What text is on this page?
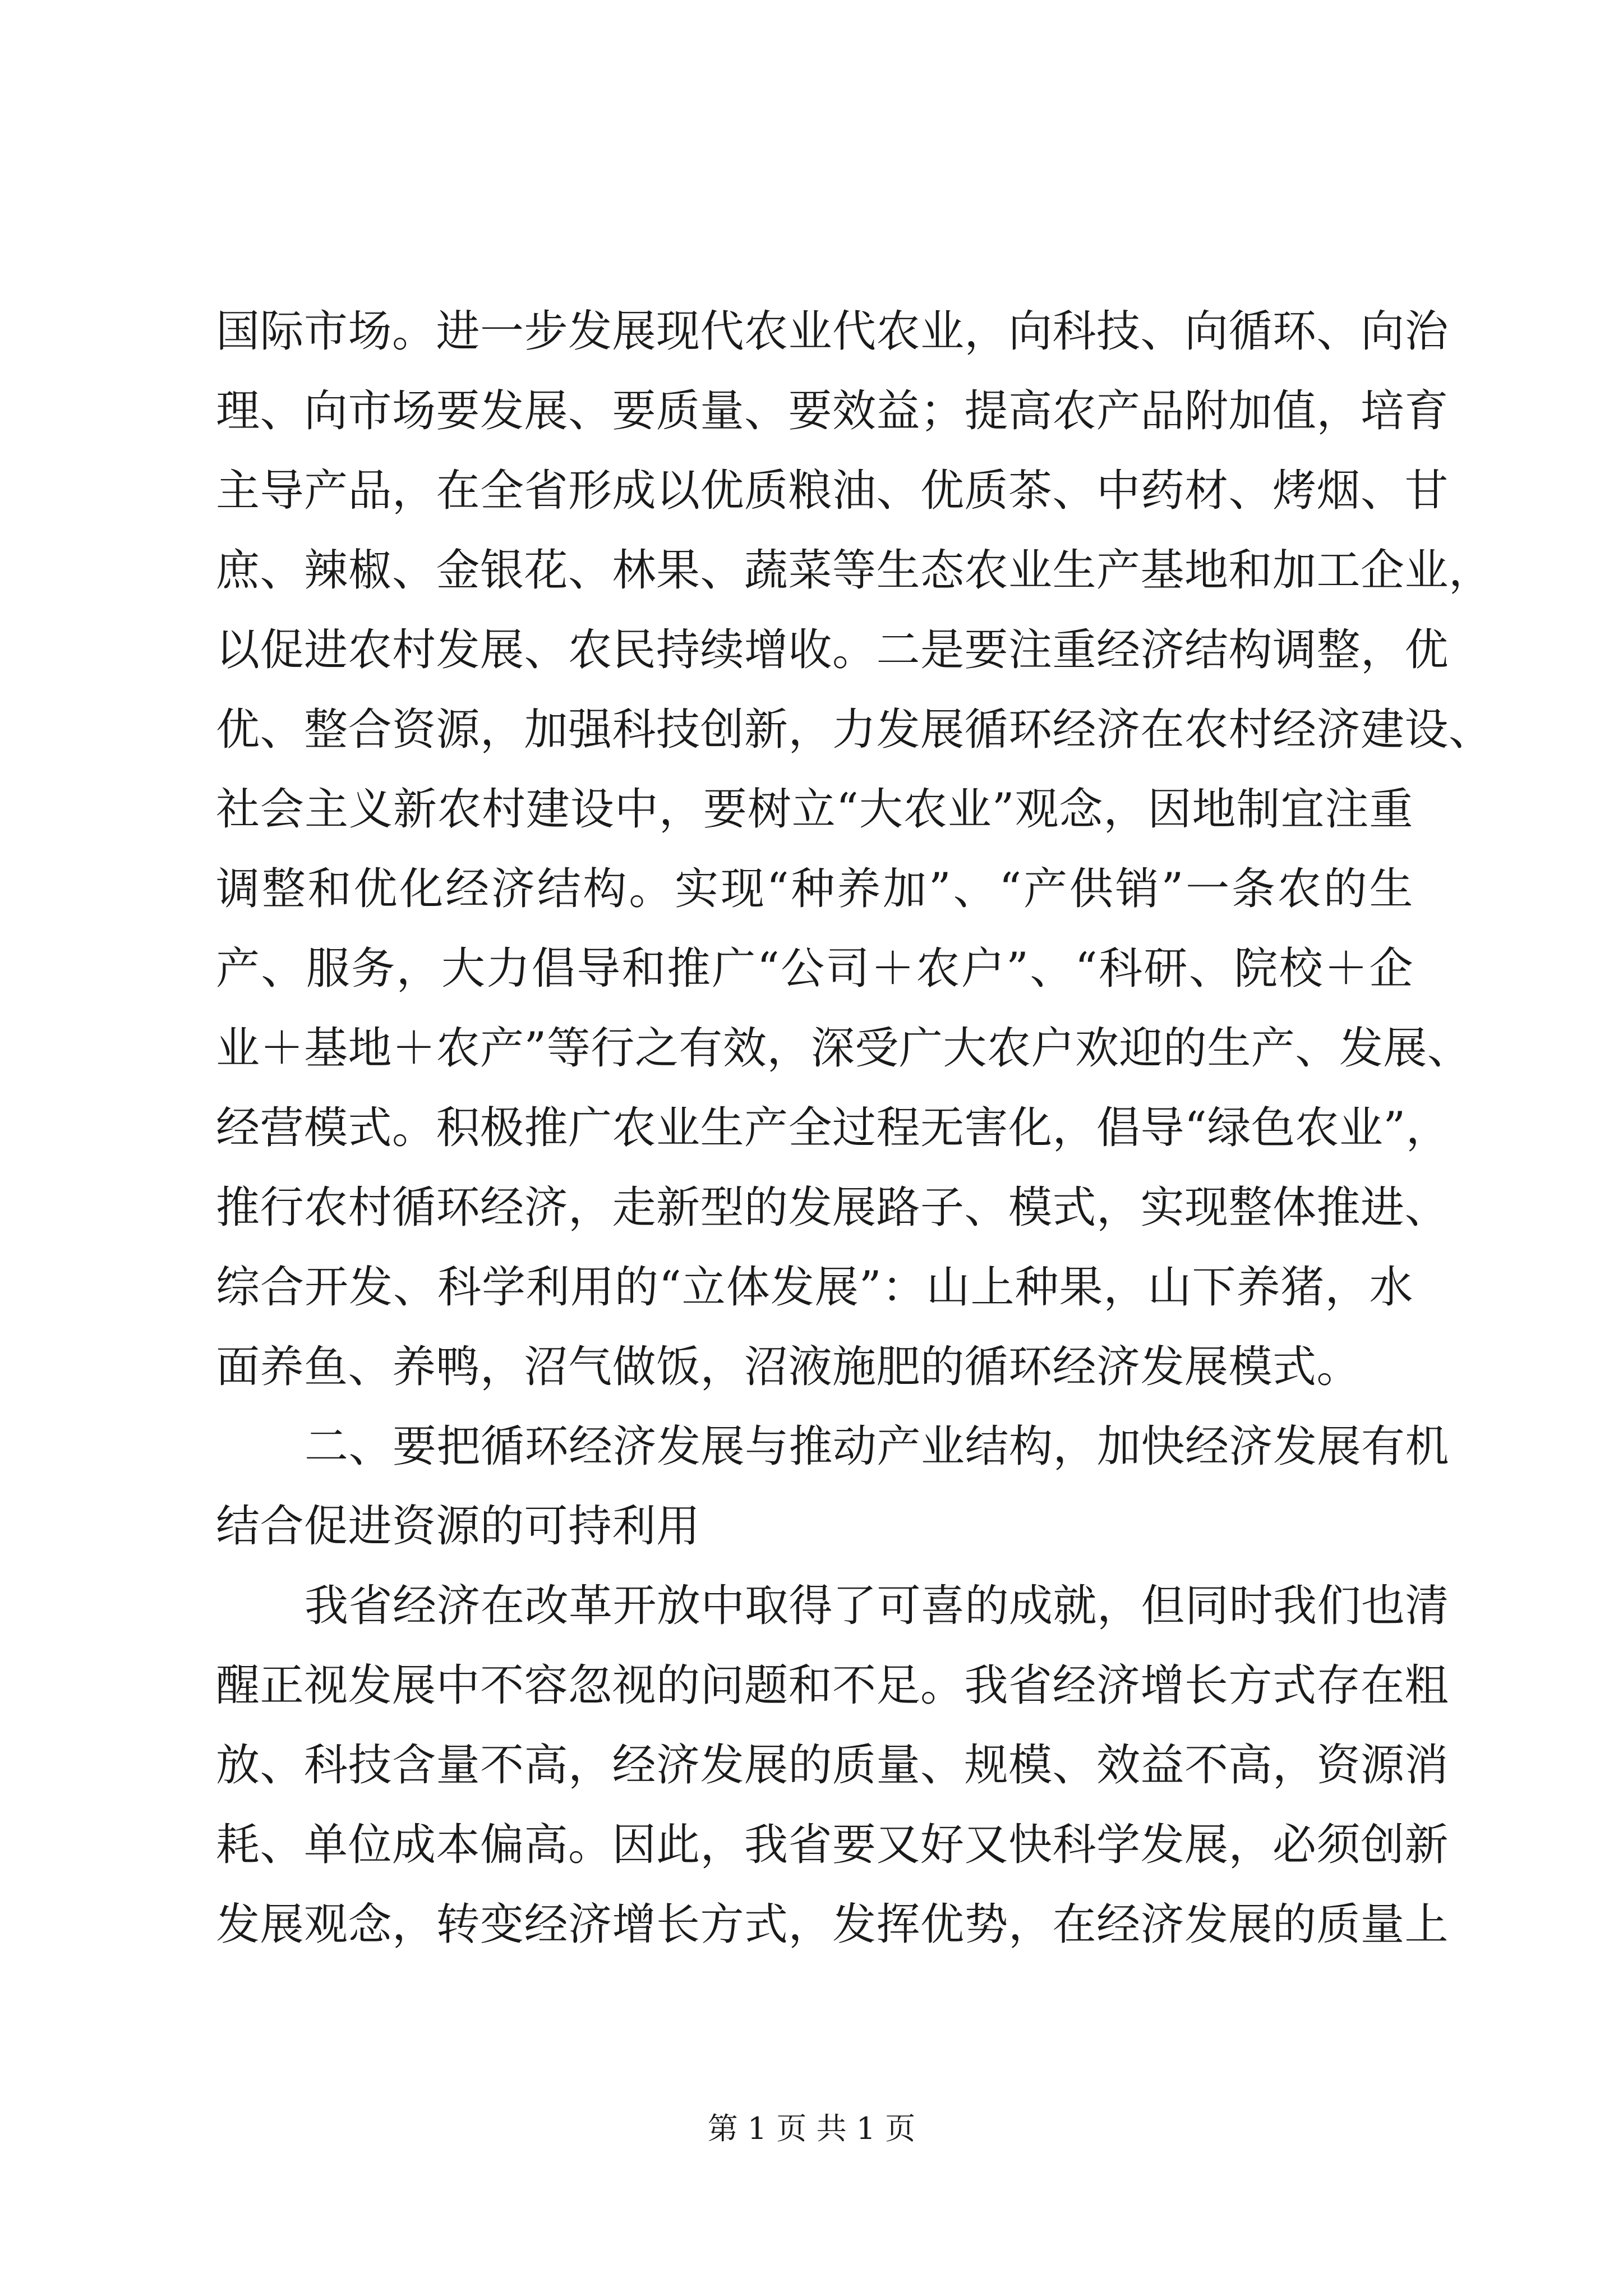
国际市场。进一步发展现代农业代农业，向科技、向循环、向治
理、向市场要发展、要质量、要效益；提高农产品附加值，培育
主导产品，在全省形成以优质粮油、优质茶、中药材、烤烟、甘
庶、辣椒、金银花、林果、蔬菜等生态农业生产基地和加工企业，
以促进农村发展、农民持续增收。二是要注重经济结构调整，优
优、整合资源，加强科技创新，力发展循环经济在农村经济建设、
社会主义新农村建设中，要树立“大农业”观念，因地制宜注重
调整和优化经济结构。实现“种养加”、“产供销”一条农的生
产、服务，大力倡导和推广“公司＋农户”、“科研、院校＋企
业＋基地＋农产”等行之有效，深受广大农户欢迎的生产、发展、
经营模式。积极推广农业生产全过程无害化，倡导“绿色农业”，
推行农村循环经济，走新型的发展路子、模式，实现整体推进、
综合开发、科学利用的“立体发展”：山上种果，山下养猪，水
面养鱼、养鸭，沼气做饭，沼液施肥的循环经济发展模式。
二、要把循环经济发展与推动产业结构，加快经济发展有机
结合促进资源的可持利用
我省经济在改革开放中取得了可喜的成就，但同时我们也清
醒正视发展中不容忽视的问题和不足。我省经济增长方式存在粗
放、科技含量不高，经济发展的质量、规模、效益不高，资源消
耗、单位成本偏高。因此，我省要又好又快科学发展，必须创新
发展观念，转变经济增长方式，发挥优势，在经济发展的质量上
第 1 页 共 1 页
